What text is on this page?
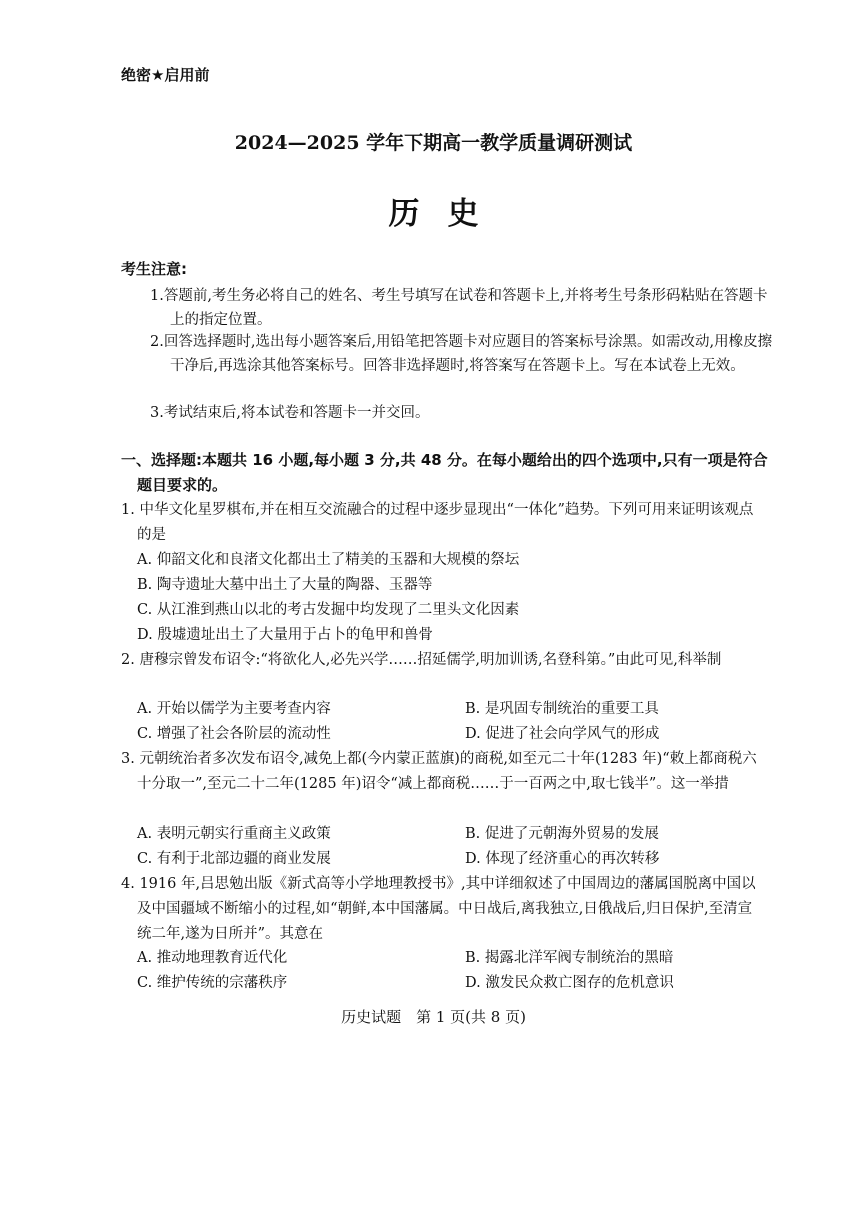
绝密★启用前
2024—2025 学年下期高一教学质量调研测试
历史
考生注意:
1.答题前,考生务必将自己的姓名、考生号填写在试卷和答题卡上,并将考生号条形码粘贴在答题卡上的指定位置。
2.回答选择题时,选出每小题答案后,用铅笔把答题卡对应题目的答案标号涂黑。如需改动,用橡皮擦干净后,再选涂其他答案标号。回答非选择题时,将答案写在答题卡上。写在本试卷上无效。
3.考试结束后,将本试卷和答题卡一并交回。
一、选择题:本题共 16 小题,每小题 3 分,共 48 分。在每小题给出的四个选项中,只有一项是符合题目要求的。
1. 中华文化星罗棋布,并在相互交流融合的过程中逐步显现出“一体化”趋势。下列可用来证明该观点的是
A. 仰韶文化和良渚文化都出土了精美的玉器和大规模的祭坛
B. 陶寺遗址大墓中出土了大量的陶器、玉器等
C. 从江淮到燕山以北的考古发掘中均发现了二里头文化因素
D. 殷墟遗址出土了大量用于占卜的龟甲和兽骨
2. 唐穆宗曾发布诏令:“将欲化人,必先兴学……招延儒学,明加训诱,名登科第。”由此可见,科举制
A. 开始以儒学为主要考查内容	B. 是巩固专制统治的重要工具
C. 增强了社会各阶层的流动性	D. 促进了社会向学风气的形成
3. 元朝统治者多次发布诏令,减免上都(今内蒙正蓝旗)的商税,如至元二十年(1283 年)“敕上都商税六十分取一”,至元二十二年(1285 年)诏令“减上都商税……于一百两之中,取七钱半”。这一举措
A. 表明元朝实行重商主义政策	B. 促进了元朝海外贸易的发展
C. 有利于北部边疆的商业发展	D. 体现了经济重心的再次转移
4. 1916 年,吕思勉出版《新式高等小学地理教授书》,其中详细叙述了中国周边的藩属国脱离中国以及中国疆域不断缩小的过程,如“朝鲜,本中国藩属。中日战后,离我独立,日俄战后,归日保护,至清宣统二年,遂为日所并”。其意在
A. 推动地理教育近代化	B. 揭露北洋军阀专制统治的黑暗
C. 维护传统的宗藩秩序	D. 激发民众救亡图存的危机意识
历史试题　第 1 页(共 8 页)
